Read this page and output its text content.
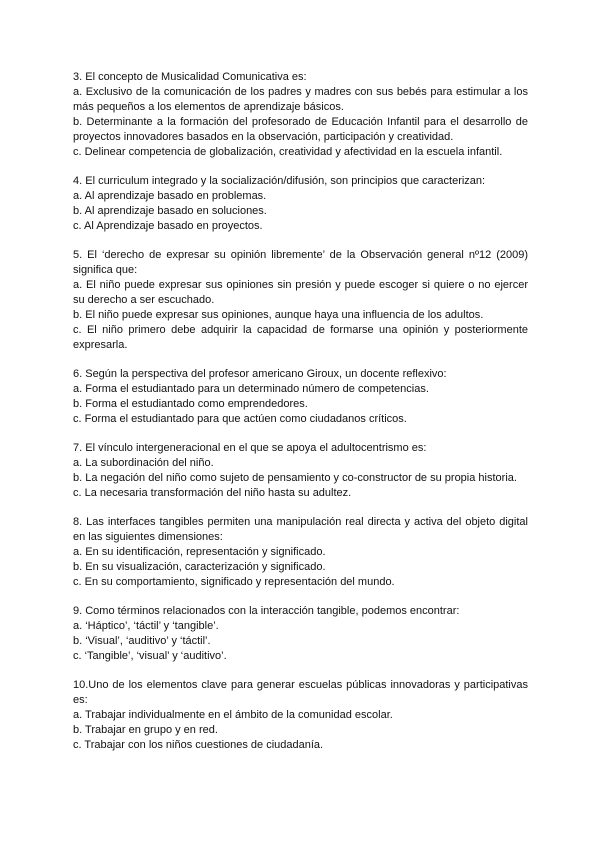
3. El concepto de Musicalidad Comunicativa es:
a. Exclusivo de la comunicación de los padres y madres con sus bebés para estimular a los más pequeños a los elementos de aprendizaje básicos.
b. Determinante a la formación del profesorado de Educación Infantil para el desarrollo de proyectos innovadores basados en la observación, participación y creatividad.
c. Delinear competencia de globalización, creatividad y afectividad en la escuela infantil.
4. El curriculum integrado y la socialización/difusión, son principios que caracterizan:
a. Al aprendizaje basado en problemas.
b. Al aprendizaje basado en soluciones.
c. Al Aprendizaje basado en proyectos.
5. El ‘derecho de expresar su opinión libremente’ de la Observación general nº12 (2009) significa que:
a. El niño puede expresar sus opiniones sin presión y puede escoger si quiere o no ejercer su derecho a ser escuchado.
b. El niño puede expresar sus opiniones, aunque haya una influencia de los adultos.
c. El niño primero debe adquirir la capacidad de formarse una opinión y posteriormente expresarla.
6. Según la perspectiva del profesor americano Giroux, un docente reflexivo:
a. Forma el estudiantado para un determinado número de competencias.
b. Forma el estudiantado como emprendedores.
c. Forma el estudiantado para que actúen como ciudadanos críticos.
7. El vínculo intergeneracional en el que se apoya el adultocentrismo es:
a. La subordinación del niño.
b. La negación del niño como sujeto de pensamiento y co-constructor de su propia historia.
c. La necesaria transformación del niño hasta su adultez.
8. Las interfaces tangibles permiten una manipulación real directa y activa del objeto digital en las siguientes dimensiones:
a. En su identificación, representación y significado.
b. En su visualización, caracterización y significado.
c. En su comportamiento, significado y representación del mundo.
9. Como términos relacionados con la interacción tangible, podemos encontrar:
a. ‘Háptico’, ‘táctil’ y ‘tangible’.
b. ‘Visual’, ‘auditivo’ y ‘táctil’.
c. ‘Tangible’, ‘visual’ y ‘auditivo’.
10.Uno de los elementos clave para generar escuelas públicas innovadoras y participativas es:
a. Trabajar individualmente en el ámbito de la comunidad escolar.
b. Trabajar en grupo y en red.
c. Trabajar con los niños cuestiones de ciudadanía.
